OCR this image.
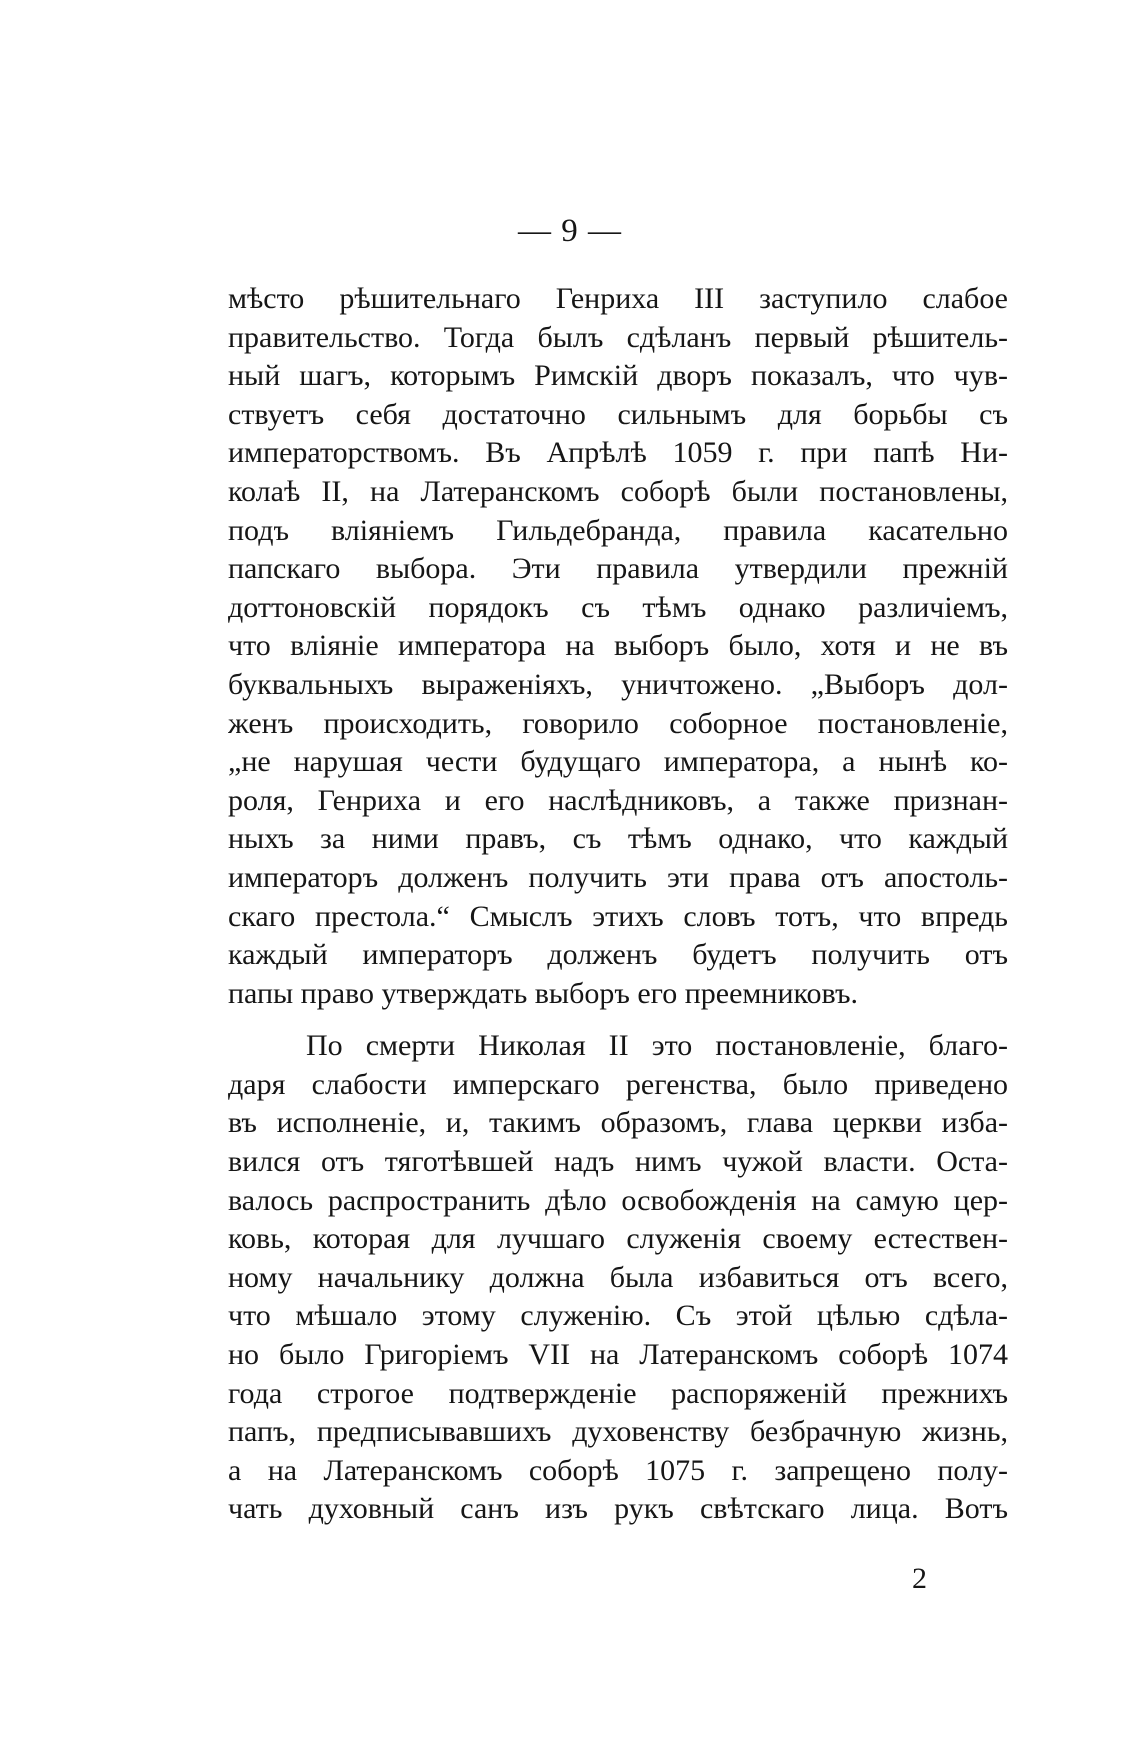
— 9 —
мѣсто рѣшительнаго Генриха III заступило слабое
правительство. Тогда былъ сдѣланъ первый рѣшитель-
ный шагъ, которымъ Римскій дворъ показалъ, что чув-
ствуетъ себя достаточно сильнымъ для борьбы съ
императорствомъ. Въ Апрѣлѣ 1059 г. при папѣ Ни-
колаѣ II, на Латеранскомъ соборѣ были постановлены,
подъ вліяніемъ Гильдебранда, правила касательно
папскаго выбора. Эти правила утвердили прежній
доттоновскій порядокъ съ тѣмъ однако различіемъ,
что вліяніе императора на выборъ было, хотя и не въ
буквальныхъ выраженіяхъ, уничтожено. „Выборъ дол-
женъ происходить, говорило соборное постановленіе,
„не нарушая чести будущаго императора, а нынѣ ко-
роля, Генриха и его наслѣдниковъ, а также признан-
ныхъ за ними правъ, съ тѣмъ однако, что каждый
императоръ долженъ получить эти права отъ апостоль-
скаго престола.“ Смыслъ этихъ словъ тотъ, что впредь
каждый императоръ долженъ будетъ получить отъ
папы право утверждать выборъ его преемниковъ.
По смерти Николая II это постановленіе, благо-
даря слабости имперскаго регенства, было приведено
въ исполненіе, и, такимъ образомъ, глава церкви изба-
вился отъ тяготѣвшей надъ нимъ чужой власти. Оста-
валось распространить дѣло освобожденія на самую цер-
ковь, которая для лучшаго служенія своему естествен-
ному начальнику должна была избавиться отъ всего,
что мѣшало этому служенію. Съ этой цѣлью сдѣла-
но было Григоріемъ VII на Латеранскомъ соборѣ 1074
года строгое подтвержденіе распоряженій прежнихъ
папъ, предписывавшихъ духовенству безбрачную жизнь,
а на Латеранскомъ соборѣ 1075 г. запрещено полу-
чать духовный санъ изъ рукъ свѣтскаго лица. Вотъ
2
